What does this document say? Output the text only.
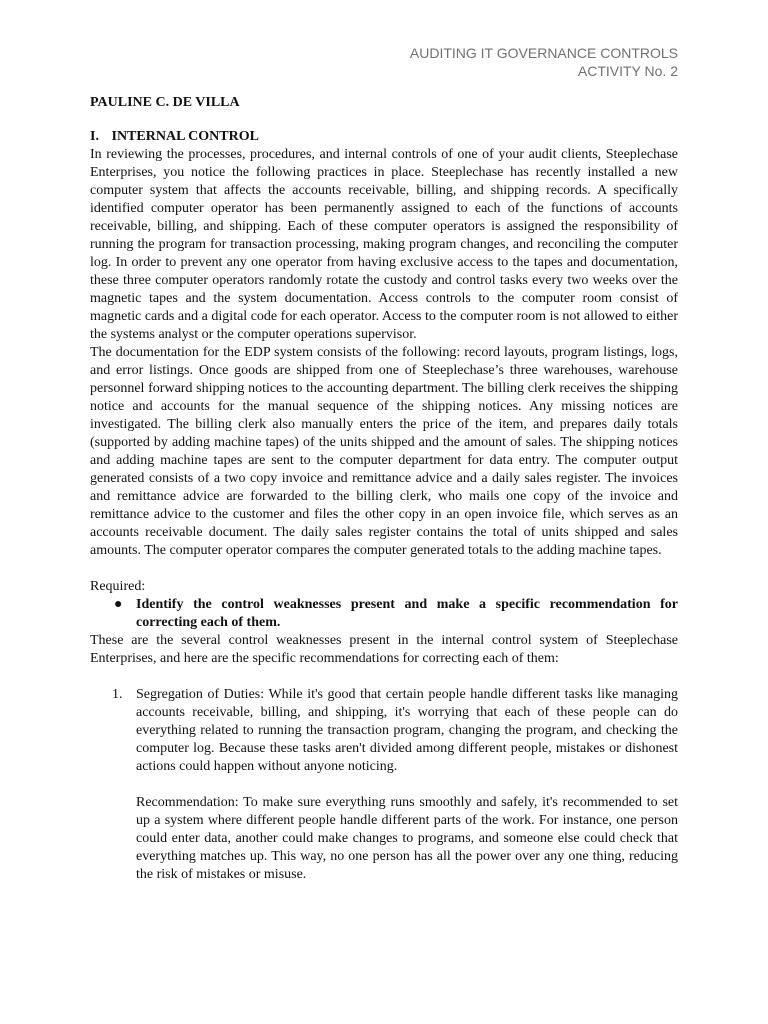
AUDITING IT GOVERNANCE CONTROLS
ACTIVITY No. 2
PAULINE C. DE VILLA
I. INTERNAL CONTROL

In reviewing the processes, procedures, and internal controls of one of your audit clients, Steeplechase Enterprises, you notice the following practices in place. Steeplechase has recently installed a new computer system that affects the accounts receivable, billing, and shipping records. A specifically identified computer operator has been permanently assigned to each of the functions of accounts receivable, billing, and shipping. Each of these computer operators is assigned the responsibility of running the program for transaction processing, making program changes, and reconciling the computer log. In order to prevent any one operator from having exclusive access to the tapes and documentation, these three computer operators randomly rotate the custody and control tasks every two weeks over the magnetic tapes and the system documentation. Access controls to the computer room consist of magnetic cards and a digital code for each operator. Access to the computer room is not allowed to either the systems analyst or the computer operations supervisor.

The documentation for the EDP system consists of the following: record layouts, program listings, logs, and error listings. Once goods are shipped from one of Steeplechase’s three warehouses, warehouse personnel forward shipping notices to the accounting department. The billing clerk receives the shipping notice and accounts for the manual sequence of the shipping notices. Any missing notices are investigated. The billing clerk also manually enters the price of the item, and prepares daily totals (supported by adding machine tapes) of the units shipped and the amount of sales. The shipping notices and adding machine tapes are sent to the computer department for data entry. The computer output generated consists of a two copy invoice and remittance advice and a daily sales register. The invoices and remittance advice are forwarded to the billing clerk, who mails one copy of the invoice and remittance advice to the customer and files the other copy in an open invoice file, which serves as an accounts receivable document. The daily sales register contains the total of units shipped and sales amounts. The computer operator compares the computer generated totals to the adding machine tapes.

Required:

● Identify the control weaknesses present and make a specific recommendation for correcting each of them.

These are the several control weaknesses present in the internal control system of Steeplechase Enterprises, and here are the specific recommendations for correcting each of them:

1. Segregation of Duties: While it's good that certain people handle different tasks like managing accounts receivable, billing, and shipping, it's worrying that each of these people can do everything related to running the transaction program, changing the program, and checking the computer log. Because these tasks aren't divided among different people, mistakes or dishonest actions could happen without anyone noticing.

Recommendation: To make sure everything runs smoothly and safely, it's recommended to set up a system where different people handle different parts of the work. For instance, one person could enter data, another could make changes to programs, and someone else could check that everything matches up. This way, no one person has all the power over any one thing, reducing the risk of mistakes or misuse.
